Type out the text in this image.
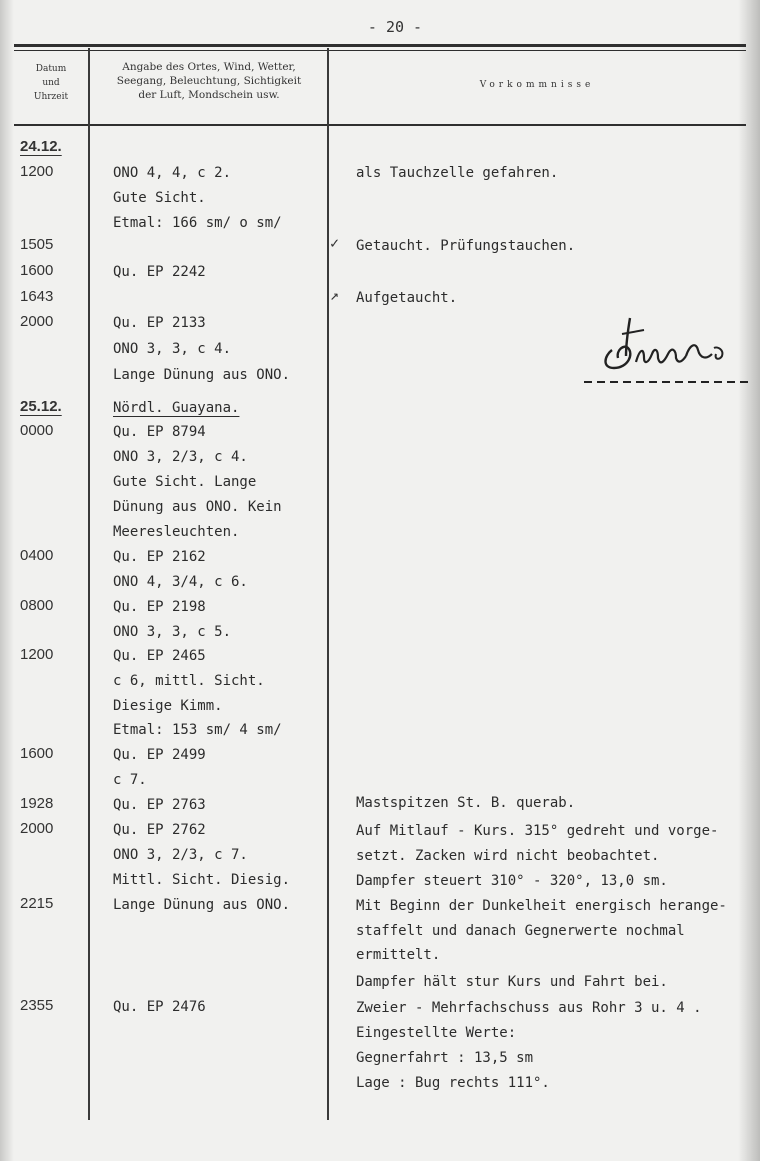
- 20 -
Datum
und
Uhrzeit
Angabe des Ortes, Wind, Wetter,
Seegang, Beleuchtung, Sichtigkeit
der Luft, Mondschein usw.
Vorkommnisse
24.12.
1200
1505
1600
1643
2000
25.12.
0000
0400
0800
1200
1600
1928
2000
2215
2355
ONO 4, 4, c 2.
Gute Sicht.
Etmal: 166 sm/ o sm/
Qu. EP 2242
Qu. EP 2133
ONO 3, 3, c 4.
Lange Dünung aus ONO.
Nördl. Guayana.
Qu. EP 8794
ONO 3, 2/3, c 4.
Gute Sicht. Lange
Dünung aus ONO. Kein
Meeresleuchten.
Qu. EP 2162
ONO 4, 3/4, c 6.
Qu. EP 2198
ONO 3, 3, c 5.
Qu. EP 2465
c 6, mittl. Sicht.
Diesige Kimm.
Etmal: 153 sm/ 4 sm/
Qu. EP 2499
c 7.
Qu. EP 2763
Qu. EP 2762
ONO 3, 2/3, c 7.
Mittl. Sicht. Diesig.
Lange Dünung aus ONO.
Qu. EP 2476
✓
↗
als Tauchzelle gefahren.
Getaucht. Prüfungstauchen.
Aufgetaucht.
Mastspitzen St. B. querab.
Auf Mitlauf - Kurs. 315° gedreht und vorge-
setzt. Zacken wird nicht beobachtet.
Dampfer steuert 310° - 320°, 13,0 sm.
Mit Beginn der Dunkelheit energisch herange-
staffelt und danach Gegnerwerte nochmal
ermittelt.
Dampfer hält stur Kurs und Fahrt bei.
Zweier - Mehrfachschuss aus Rohr 3 u. 4 .
Eingestellte Werte:
Gegnerfahrt : 13,5 sm
Lage : Bug rechts 111°.
